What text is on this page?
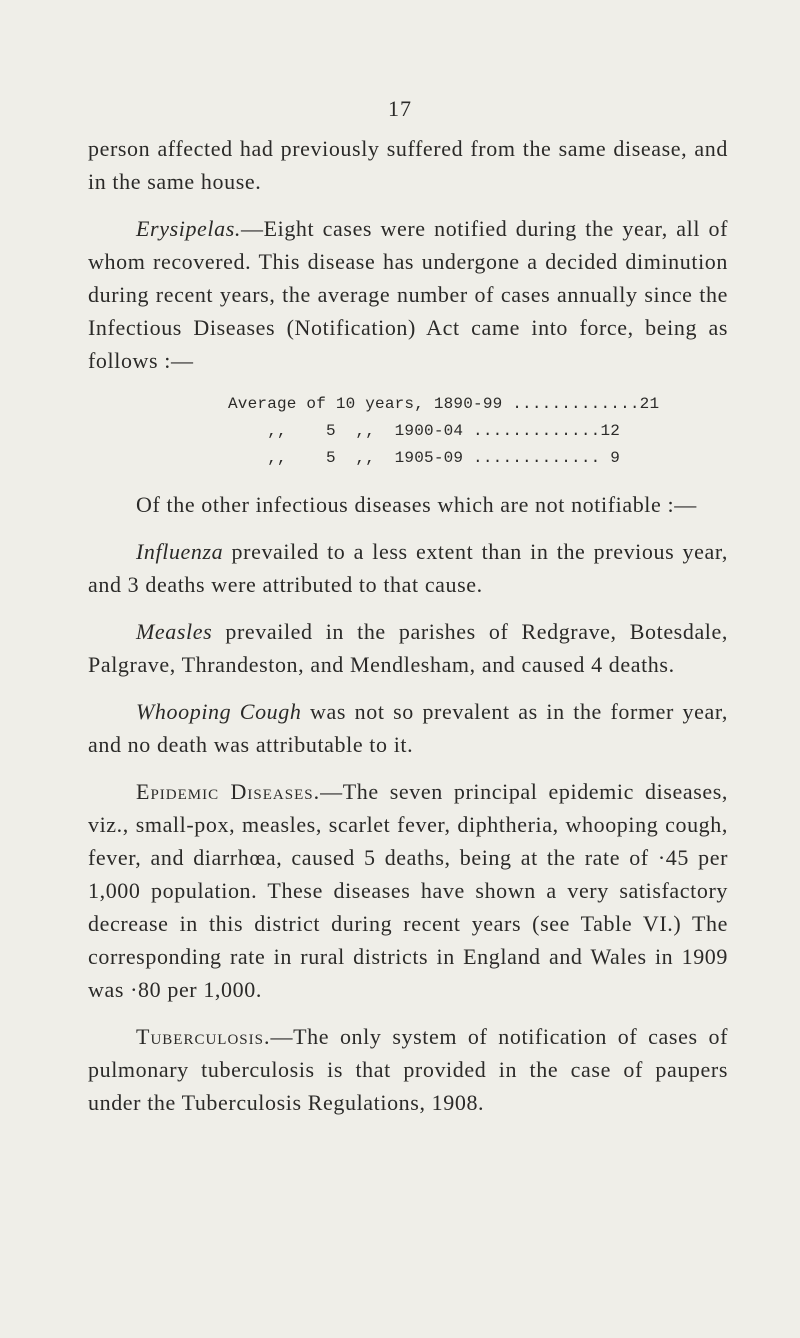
17

person affected had previously suffered from the same disease, and in the same house.

Erysipelas.—Eight cases were notified during the year, all of whom recovered. This disease has undergone a decided diminution during recent years, the average number of cases annually since the Infectious Diseases (Notification) Act came into force, being as follows :—

Average of 10 years, 1890-99 ............. 21
,,    5  ,,  1900-04 ............. 12
,,    5  ,,  1905-09 ............. 9

Of the other infectious diseases which are not notifiable :—

Influenza prevailed to a less extent than in the previous year, and 3 deaths were attributed to that cause.

Measles prevailed in the parishes of Redgrave, Botesdale, Palgrave, Thrandeston, and Mendlesham, and caused 4 deaths.

Whooping Cough was not so prevalent as in the former year, and no death was attributable to it.

Epidemic Diseases.—The seven principal epidemic diseases, viz., small-pox, measles, scarlet fever, diphtheria, whooping cough, fever, and diarrhœa, caused 5 deaths, being at the rate of ·45 per 1,000 population. These diseases have shown a very satisfactory decrease in this district during recent years (see Table VI.) The corresponding rate in rural districts in England and Wales in 1909 was ·80 per 1,000.

Tuberculosis.—The only system of notification of cases of pulmonary tuberculosis is that provided in the case of paupers under the Tuberculosis Regulations, 1908.
